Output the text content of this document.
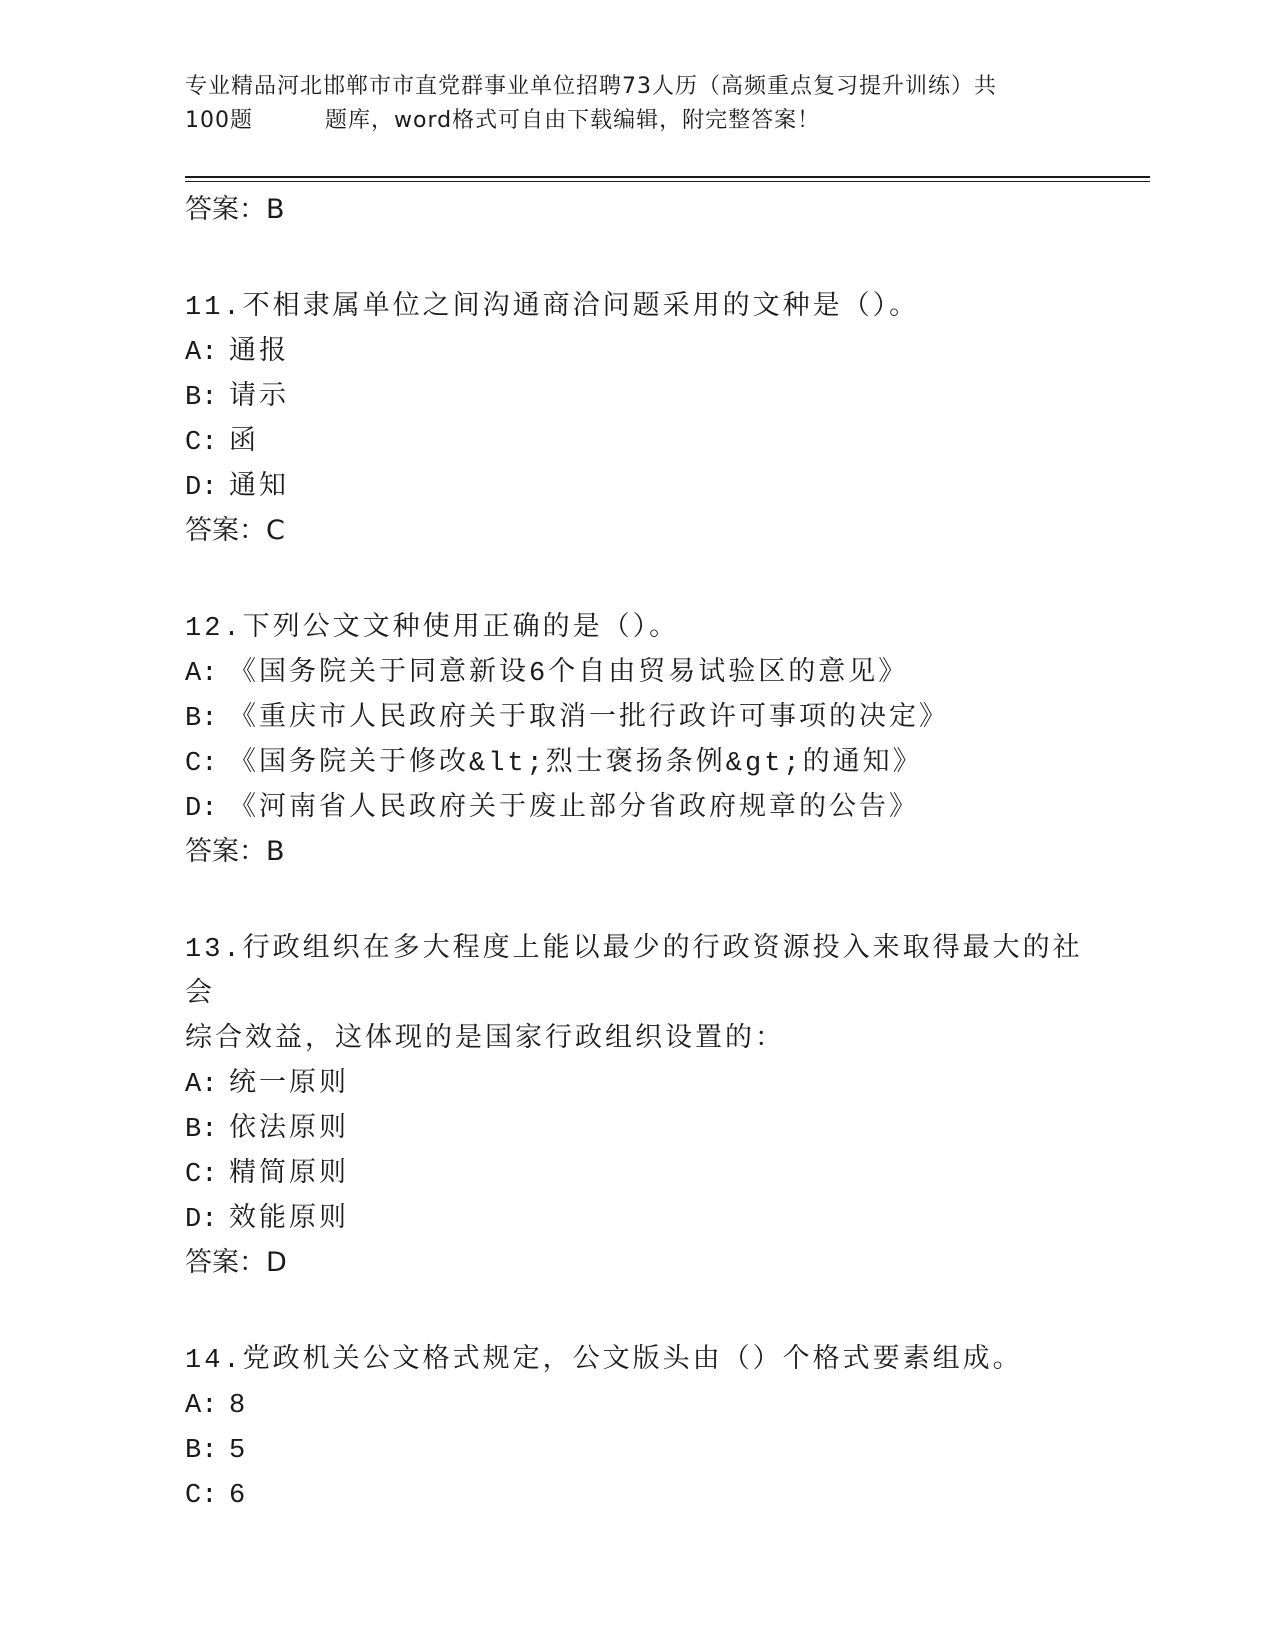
专业精品河北邯郸市市直党群事业单位招聘73人历（高频重点复习提升训练）共
100题	题库，word格式可自由下载编辑，附完整答案！

答案：B

11.不相隶属单位之间沟通商洽问题采用的文种是（）。

A: 通报

B: 请示

C: 函

D: 通知

答案：C

12.下列公文文种使用正确的是（）。

A: 《国务院关于同意新设6个自由贸易试验区的意见》

B: 《重庆市人民政府关于取消一批行政许可事项的决定》

C: 《国务院关于修改&lt;烈士褒扬条例&gt;的通知》

D: 《河南省人民政府关于废止部分省政府规章的公告》

答案：B

13.行政组织在多大程度上能以最少的行政资源投入来取得最大的社会

综合效益，这体现的是国家行政组织设置的：

A: 统一原则

B: 依法原则

C: 精简原则

D: 效能原则

答案：D

14.党政机关公文格式规定，公文版头由（）个格式要素组成。

A: 8

B: 5

C: 6
